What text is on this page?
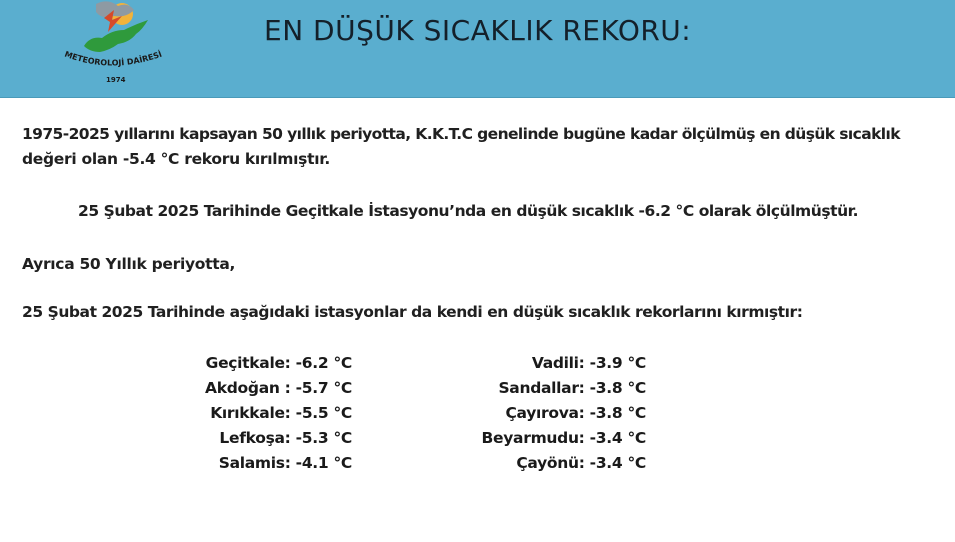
METEOROLOJİ DAİRESİ
1974
EN DÜŞÜK SICAKLIK REKORU:
1975-2025 yıllarını kapsayan 50 yıllık periyotta, K.K.T.C genelinde bugüne kadar ölçülmüş en düşük sıcaklık
değeri olan -5.4 °C rekoru kırılmıştır.
25 Şubat 2025 Tarihinde Geçitkale İstasyonu’nda en düşük sıcaklık -6.2 °C olarak ölçülmüştür.
Ayrıca 50 Yıllık periyotta,
25 Şubat 2025 Tarihinde aşağıdaki istasyonlar da kendi en düşük sıcaklık rekorlarını kırmıştır:
Geçitkale: -6.2 °C
Akdoğan : -5.7 °C
Kırıkkale: -5.5 °C
Lefkoşa: -5.3 °C
Salamis: -4.1 °C
Vadili: -3.9 °C
Sandallar: -3.8 °C
Çayırova: -3.8 °C
Beyarmudu: -3.4 °C
Çayönü: -3.4 °C
